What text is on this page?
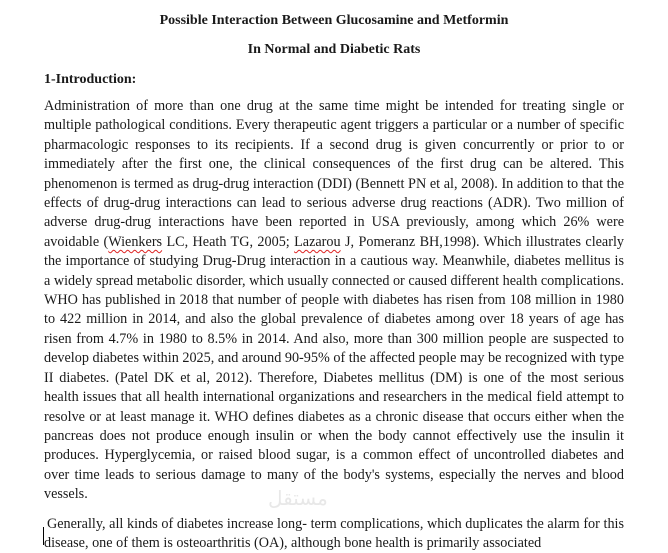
Possible Interaction Between Glucosamine and Metformin
In Normal and Diabetic Rats
1-Introduction:

Administration of more than one drug at the same time might be intended for treating single or multiple pathological conditions. Every therapeutic agent triggers a particular or a number of specific pharmacologic responses to its recipients. If a second drug is given concurrently or prior to or immediately after the first one, the clinical consequences of the first drug can be altered. This phenomenon is termed as drug-drug interaction (DDI) (Bennett PN et al, 2008). In addition to that the effects of drug-drug interactions can lead to serious adverse drug reactions (ADR). Two million of adverse drug-drug interactions have been reported in USA previously, among which 26% were avoidable (Wienkers LC, Heath TG, 2005; Lazarou J, Pomeranz BH,1998). Which illustrates clearly the importance of studying Drug-Drug interaction in a cautious way. Meanwhile, diabetes mellitus is a widely spread metabolic disorder, which usually connected or caused different health complications. WHO has published in 2018 that number of people with diabetes has risen from 108 million in 1980 to 422 million in 2014, and also the global prevalence of diabetes among over 18 years of age has risen from 4.7% in 1980 to 8.5% in 2014. And also, more than 300 million people are suspected to develop diabetes within 2025, and around 90-95% of the affected people may be recognized with type II diabetes. (Patel DK et al, 2012). Therefore, Diabetes mellitus (DM) is one of the most serious health issues that all health international organizations and researchers in the medical field attempt to resolve or at least manage it. WHO defines diabetes as a chronic disease that occurs either when the pancreas does not produce enough insulin or when the body cannot effectively use the insulin it produces. Hyperglycemia, or raised blood sugar, is a common effect of uncontrolled diabetes and over time leads to serious damage to many of the body's systems, especially the nerves and blood vessels.

Generally, all kinds of diabetes increase long- term complications, which duplicates the alarm for this disease, one of them is osteoarthritis (OA), although bone health is primarily associated

مستقل
